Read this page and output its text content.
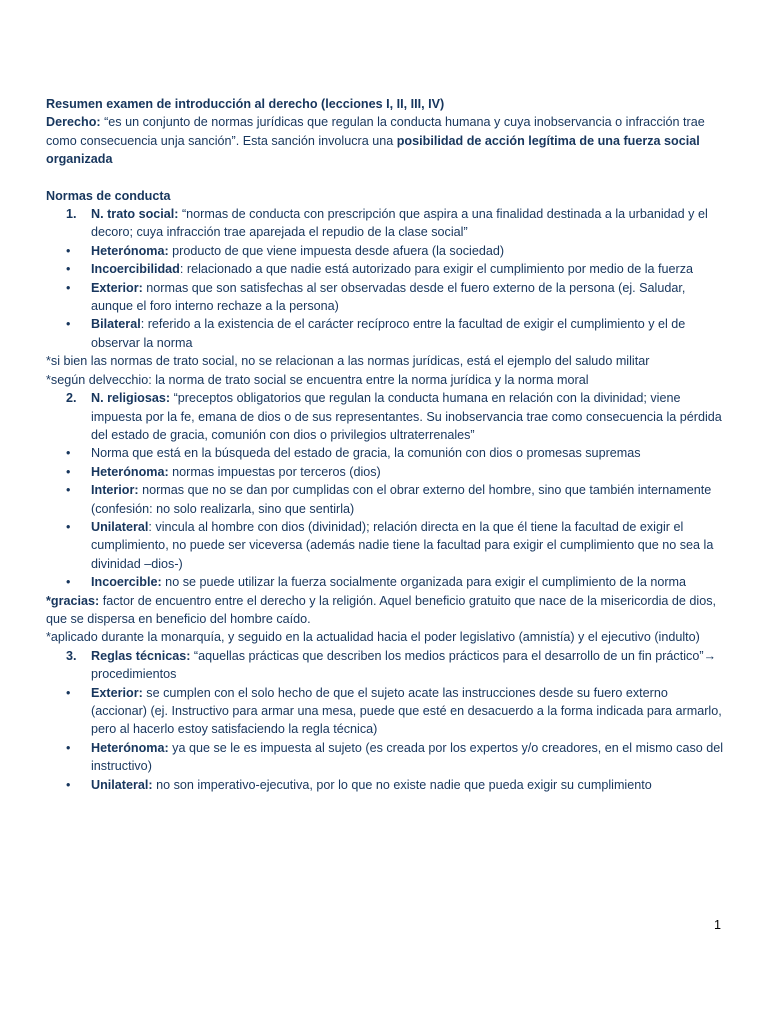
Resumen examen de introducción al derecho (lecciones I, II, III, IV)

Derecho: “es un conjunto de normas jurídicas que regulan la conducta humana y cuya inobservancia o infracción trae como consecuencia unja sanción”. Esta sanción involucra una posibilidad de acción legítima de una fuerza social organizada

Normas de conducta

1.	N. trato social: “normas de conducta con prescripción que aspira a una finalidad destinada a la urbanidad y el decoro; cuya infracción trae aparejada el repudio de la clase social”
•	Heterónoma: producto de que viene impuesta desde afuera (la sociedad)
•	Incoercibilidad: relacionado a que nadie está autorizado para exigir el cumplimiento por medio de la fuerza
•	Exterior: normas que son satisfechas al ser observadas desde el fuero externo de la persona (ej. Saludar, aunque el foro interno rechaze a la persona)
•	Bilateral: referido a la existencia de el carácter recíproco entre la facultad de exigir el cumplimiento y el de observar la norma

*si bien las normas de trato social, no se relacionan a las normas jurídicas, está el ejemplo del saludo militar

*según delvecchio: la norma de trato social se encuentra entre la norma jurídica y la norma moral

2.	N. religiosas: “preceptos obligatorios que regulan la conducta humana en relación con la divinidad; viene impuesta por la fe, emana de dios o de sus representantes. Su inobservancia trae como consecuencia la pérdida del estado de gracia, comunión con dios o privilegios ultraterrenales”
•	Norma que está en la búsqueda del estado de gracia, la comunión con dios o promesas supremas
•	Heterónoma: normas impuestas por terceros (dios)
•	Interior: normas que no se dan por cumplidas con el obrar externo del hombre, sino que también internamente (confesión: no solo realizarla, sino que sentirla)
•	Unilateral: vincula al hombre con dios (divinidad); relación directa en la que él tiene la facultad de exigir el cumplimiento, no puede ser viceversa (además nadie tiene la facultad para exigir el cumplimiento que no sea la divinidad –dios-)
•	Incoercible: no se puede utilizar la fuerza socialmente organizada para exigir el cumplimiento de la norma

*gracias: factor de encuentro entre el derecho y la religión. Aquel beneficio gratuito que nace de la misericordia de dios, que se dispersa en beneficio del hombre caído.

*aplicado durante la monarquía, y seguido en la actualidad hacia el poder legislativo (amnistía) y el ejecutivo (indulto)

3.	Reglas técnicas: “aquellas prácticas que describen los medios prácticos para el desarrollo de un fin práctico”→ procedimientos
•	Exterior: se cumplen con el solo hecho de que el sujeto acate las instrucciones desde su fuero externo (accionar) (ej. Instructivo para armar una mesa, puede que esté en desacuerdo a la forma indicada para armarlo, pero al hacerlo estoy satisfaciendo la regla técnica)
•	Heterónoma: ya que se le es impuesta al sujeto (es creada por los expertos y/o creadores, en el mismo caso del instructivo)
•	Unilateral: no son imperativo-ejecutiva, por lo que no existe nadie que pueda exigir su cumplimiento
1
